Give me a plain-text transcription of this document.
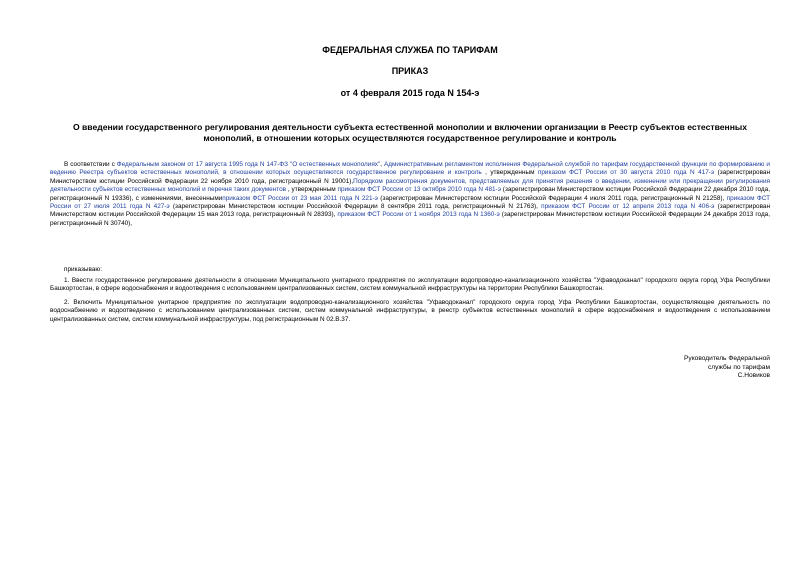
ФЕДЕРАЛЬНАЯ СЛУЖБА ПО ТАРИФАМ
ПРИКАЗ
от 4 февраля 2015 года N 154-э
О введении государственного регулирования деятельности субъекта естественной монополии и включении организации в Реестр субъектов естественных монополий, в отношении которых осуществляются государственное регулирование и контроль

В соответствии с Федеральным законом от 17 августа 1995 года N 147-ФЗ "О естественных монополиях", Административным регламентом исполнения Федеральной службой по тарифам государственной функции по формированию и ведению Реестра субъектов естественных монополий, в отношении которых осуществляются государственное регулирование и контроль , утвержденным приказом ФСТ России от 30 августа 2010 года N 417-э (зарегистрирован Министерством юстиции Российской Федерации 22 ноября 2010 года, регистрационный N 19001),Порядком рассмотрения документов, представляемых для принятия решения о введении, изменении или прекращении регулирования деятельности субъектов естественных монополий и перечня таких документов , утвержденным приказом ФСТ России от 13 октября 2010 года N 481-э (зарегистрирован Министерством юстиции Российской Федерации 22 декабря 2010 года, регистрационный N 19336), с изменениями, внесеннымиприказом ФСТ России от 23 мая 2011 года N 221-э (зарегистрирован Министерством юстиции Российской Федерации 4 июля 2011 года, регистрационный N 21258), приказом ФСТ России от 27 июля 2011 года N 427-э (зарегистрирован Министерством юстиции Российской Федерации 8 сентября 2011 года, регистрационный N 21763), приказом ФСТ России от 12 апреля 2013 года N 406-э (зарегистрирован Министерством юстиции Российской Федерации 15 мая 2013 года, регистрационный N 28393), приказом ФСТ России от 1 ноября 2013 года N 1360-э (зарегистрирован Министерством юстиции Российской Федерации 24 декабря 2013 года, регистрационный N 30740),

приказываю:

1. Ввести государственное регулирование деятельности в отношении Муниципального унитарного предприятия по эксплуатации водопроводно-канализационного хозяйства "Уфаводоканал" городского округа город Уфа Республики Башкортостан, в сфере водоснабжения и водоотведения с использованием централизованных систем, систем коммунальной инфраструктуры на территории Республики Башкортостан.

2. Включить Муниципальное унитарное предприятие по эксплуатации водопроводно-канализационного хозяйства "Уфаводоканал" городского округа город Уфа Республики Башкортостан, осуществляющее деятельность по водоснабжению и водоотведению с использованием централизованных систем, систем коммунальной инфраструктуры, в реестр субъектов естественных монополий в сфере водоснабжения и водоотведения с использованием централизованных систем, систем коммунальной инфраструктуры, под регистрационным N 02.В.37.

Руководитель Федеральной
службы по тарифам
С.Новиков
